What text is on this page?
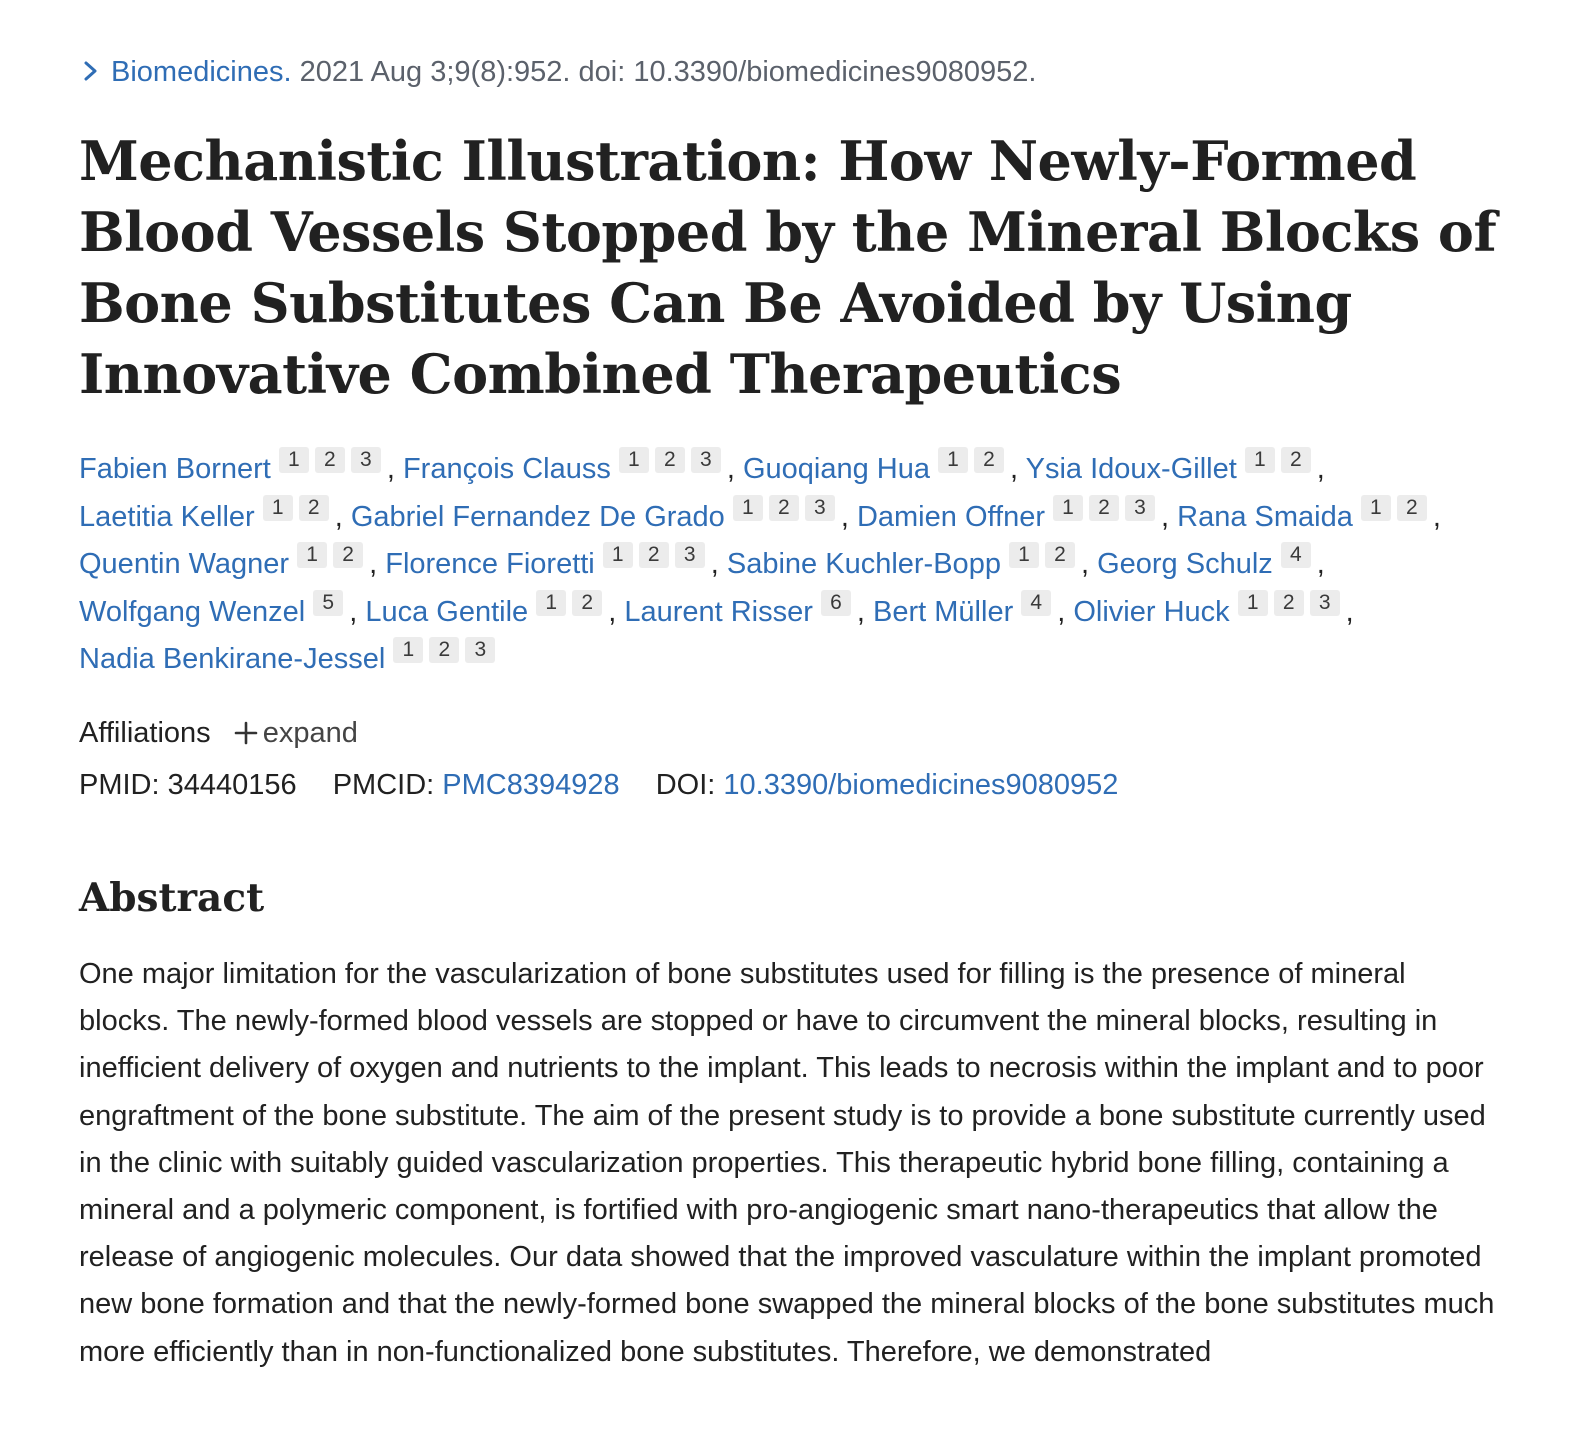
Biomedicines. 2021 Aug 3;9(8):952. doi: 10.3390/biomedicines9080952.
Mechanistic Illustration: How Newly-Formed Blood Vessels Stopped by the Mineral Blocks of Bone Substitutes Can Be Avoided by Using Innovative Combined Therapeutics
Fabien Bornert 1 2 3 , François Clauss 1 2 3 , Guoqiang Hua 1 2 , Ysia Idoux-Gillet 1 2 , Laetitia Keller 1 2 , Gabriel Fernandez De Grado 1 2 3 , Damien Offner 1 2 3 , Rana Smaida 1 2 , Quentin Wagner 1 2 , Florence Fioretti 1 2 3 , Sabine Kuchler-Bopp 1 2 , Georg Schulz 4 , Wolfgang Wenzel 5 , Luca Gentile 1 2 , Laurent Risser 6 , Bert Müller 4 , Olivier Huck 1 2 3 , Nadia Benkirane-Jessel 1 2 3
Affiliations expand
PMID: 34440156 PMCID: PMC8394928 DOI: 10.3390/biomedicines9080952
Abstract

One major limitation for the vascularization of bone substitutes used for filling is the presence of mineral blocks. The newly-formed blood vessels are stopped or have to circumvent the mineral blocks, resulting in inefficient delivery of oxygen and nutrients to the implant. This leads to necrosis within the implant and to poor engraftment of the bone substitute. The aim of the present study is to provide a bone substitute currently used in the clinic with suitably guided vascularization properties. This therapeutic hybrid bone filling, containing a mineral and a polymeric component, is fortified with pro-angiogenic smart nano-therapeutics that allow the release of angiogenic molecules. Our data showed that the improved vasculature within the implant promoted new bone formation and that the newly-formed bone swapped the mineral blocks of the bone substitutes much more efficiently than in non-functionalized bone substitutes. Therefore, we demonstrated
